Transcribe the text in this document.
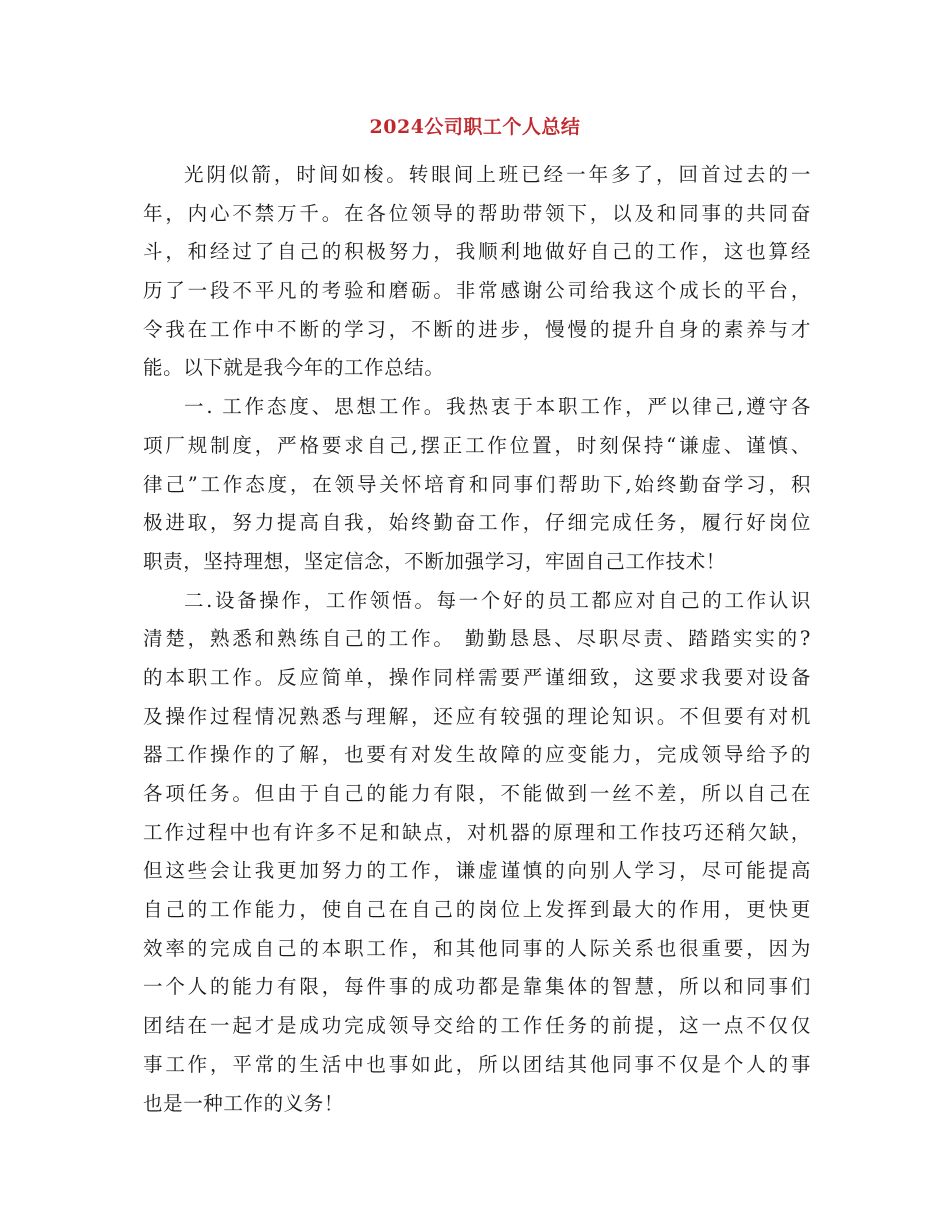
2024公司职工个人总结
光阴似箭，时间如梭。转眼间上班已经一年多了，回首过去的一
年，内心不禁万千。在各位领导的帮助带领下，以及和同事的共同奋
斗，和经过了自己的积极努力，我顺利地做好自己的工作，这也算经
历了一段不平凡的考验和磨砺。非常感谢公司给我这个成长的平台，
令我在工作中不断的学习，不断的进步，慢慢的提升自身的素养与才
能。以下就是我今年的工作总结。
一. 工作态度、思想工作。我热衷于本职工作，严以律己,遵守各
项厂规制度，严格要求自己,摆正工作位置，时刻保持“谦虚、谨慎、
律己”工作态度，在领导关怀培育和同事们帮助下,始终勤奋学习，积
极进取，努力提高自我，始终勤奋工作，仔细完成任务，履行好岗位
职责，坚持理想，坚定信念，不断加强学习，牢固自己工作技术！
二.设备操作，工作领悟。每一个好的员工都应对自己的工作认识
清楚，熟悉和熟练自己的工作。 勤勤恳恳、尽职尽责、踏踏实实的?
的本职工作。反应简单，操作同样需要严谨细致，这要求我要对设备
及操作过程情况熟悉与理解，还应有较强的理论知识。不但要有对机
器工作操作的了解，也要有对发生故障的应变能力，完成领导给予的
各项任务。但由于自己的能力有限，不能做到一丝不差，所以自己在
工作过程中也有许多不足和缺点，对机器的原理和工作技巧还稍欠缺，
但这些会让我更加努力的工作，谦虚谨慎的向别人学习，尽可能提高
自己的工作能力，使自己在自己的岗位上发挥到最大的作用，更快更
效率的完成自己的本职工作，和其他同事的人际关系也很重要，因为
一个人的能力有限，每件事的成功都是靠集体的智慧，所以和同事们
团结在一起才是成功完成领导交给的工作任务的前提，这一点不仅仅
事工作，平常的生活中也事如此，所以团结其他同事不仅是个人的事
也是一种工作的义务！
